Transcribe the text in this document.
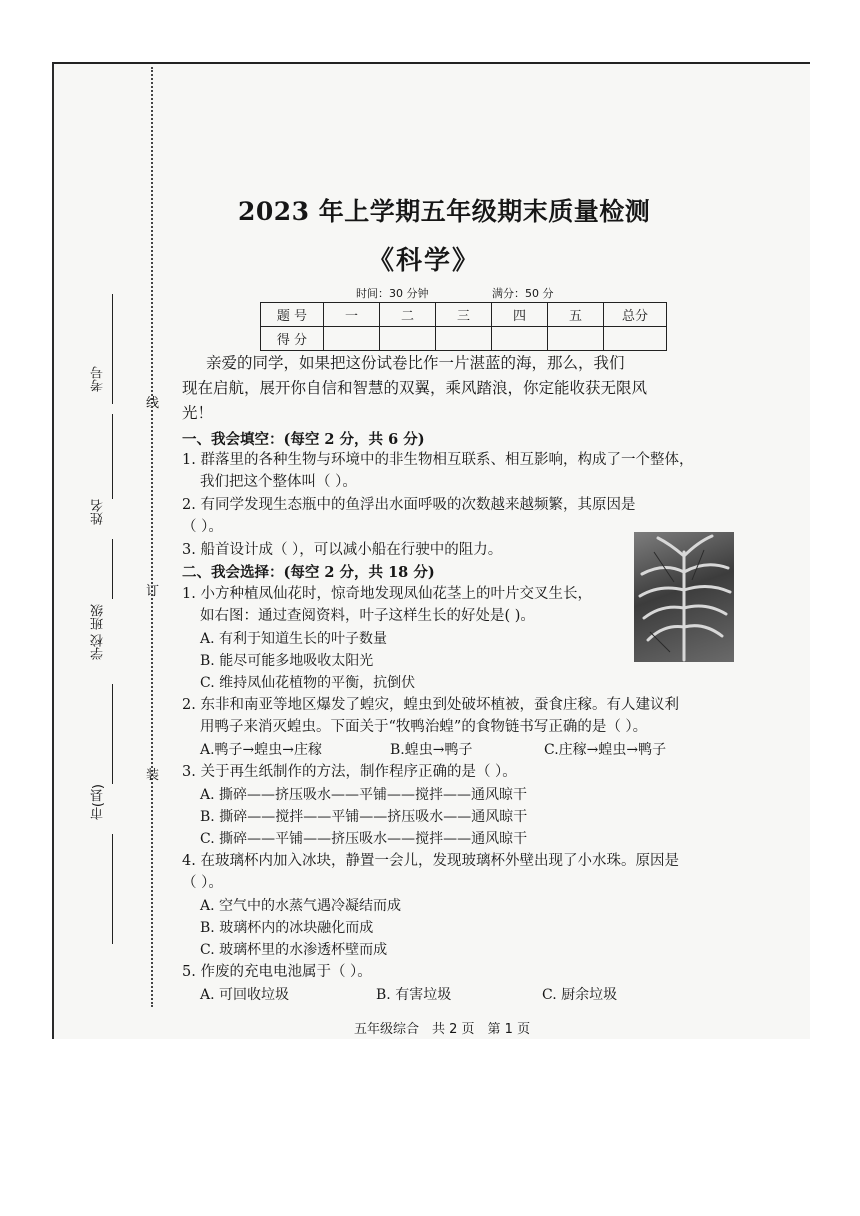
考号
姓名
学校 班级
市(县)
线
订
装
2023 年上学期五年级期末质量检测
《科学》
时间：30 分钟	满分：50 分
题 号	一	二	三	四	五	总分
得 分						
亲爱的同学，如果把这份试卷比作一片湛蓝的海，那么，我们
现在启航，展开你自信和智慧的双翼，乘风踏浪，你定能收获无限风
光！
一、我会填空：(每空 2 分，共 6 分)
1. 群落里的各种生物与环境中的非生物相互联系、相互影响，构成了一个整体，
我们把这个整体叫（ ）。
2. 有同学发现生态瓶中的鱼浮出水面呼吸的次数越来越频繁，其原因是
（ ）。
3. 船首设计成（ ），可以减小船在行驶中的阻力。
二、我会选择：(每空 2 分，共 18 分)
1. 小方种植凤仙花时，惊奇地发现凤仙花茎上的叶片交叉生长，
如右图：通过查阅资料，叶子这样生长的好处是( )。
A. 有利于知道生长的叶子数量
B. 能尽可能多地吸收太阳光
C. 维持凤仙花植物的平衡，抗倒伏
2. 东非和南亚等地区爆发了蝗灾，蝗虫到处破坏植被，蚕食庄稼。有人建议利
用鸭子来消灭蝗虫。下面关于“牧鸭治蝗”的食物链书写正确的是（ ）。
A.鸭子→蝗虫→庄稼	B.蝗虫→鸭子	C.庄稼→蝗虫→鸭子
3. 关于再生纸制作的方法，制作程序正确的是（ ）。
A. 撕碎——挤压吸水——平铺——搅拌——通风晾干
B. 撕碎——搅拌——平铺——挤压吸水——通风晾干
C. 撕碎——平铺——挤压吸水——搅拌——通风晾干
4. 在玻璃杯内加入冰块，静置一会儿，发现玻璃杯外壁出现了小水珠。原因是
（ ）。
A. 空气中的水蒸气遇冷凝结而成
B. 玻璃杯内的冰块融化而成
C. 玻璃杯里的水渗透杯壁而成
5. 作废的充电电池属于（ ）。
A. 可回收垃圾	B. 有害垃圾	C. 厨余垃圾
五年级综合　共 2 页　第 1 页
